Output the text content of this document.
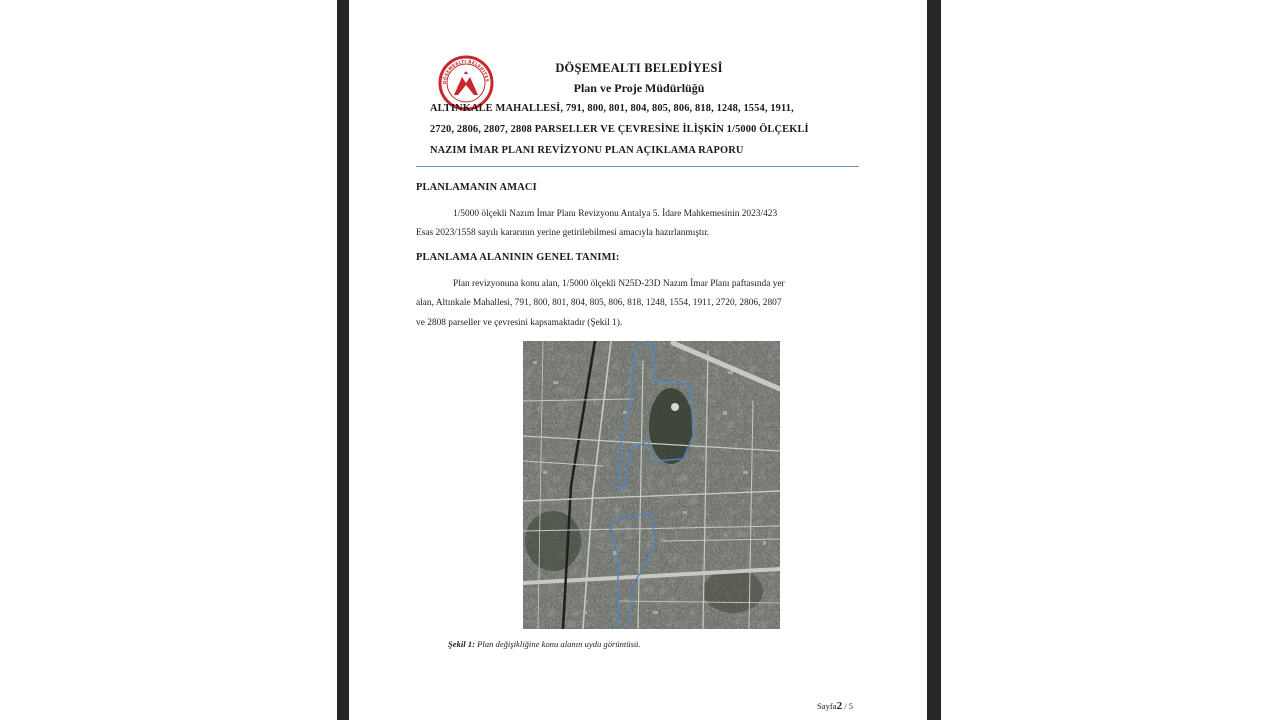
DÖŞEMEALTI BELEDİYES
DÖŞEMEALTI BELEDİYESİ
Plan ve Proje Müdürlüğü
ALTINKALE MAHALLESİ, 791, 800, 801, 804, 805, 806, 818, 1248, 1554, 1911,
2720, 2806, 2807, 2808 PARSELLER VE ÇEVRESİNE İLİŞKİN 1/5000 ÖLÇEKLİ
NAZIM İMAR PLANI REVİZYONU PLAN AÇIKLAMA RAPORU
PLANLAMANIN AMACI
1/5000 ölçekli Nazım İmar Planı Revizyonu Antalya 5. İdare Mahkemesinin 2023/423
Esas 2023/1558 sayılı kararının yerine getirilebilmesi amacıyla hazırlanmıştır.
PLANLAMA ALANININ GENEL TANIMI:
Plan revizyonuna konu alan, 1/5000 ölçekli N25D-23D Nazım İmar Planı paftasında yer
alan, Altınkale Mahallesi, 791, 800, 801, 804, 805, 806, 818, 1248, 1554, 1911, 2720, 2806, 2807
ve 2808 parseller ve çevresini kapsamaktadır (Şekil 1).
Şekil 1: Plan değişikliğine konu alanın uydu görüntüsü.
Sayfa2 / 5
